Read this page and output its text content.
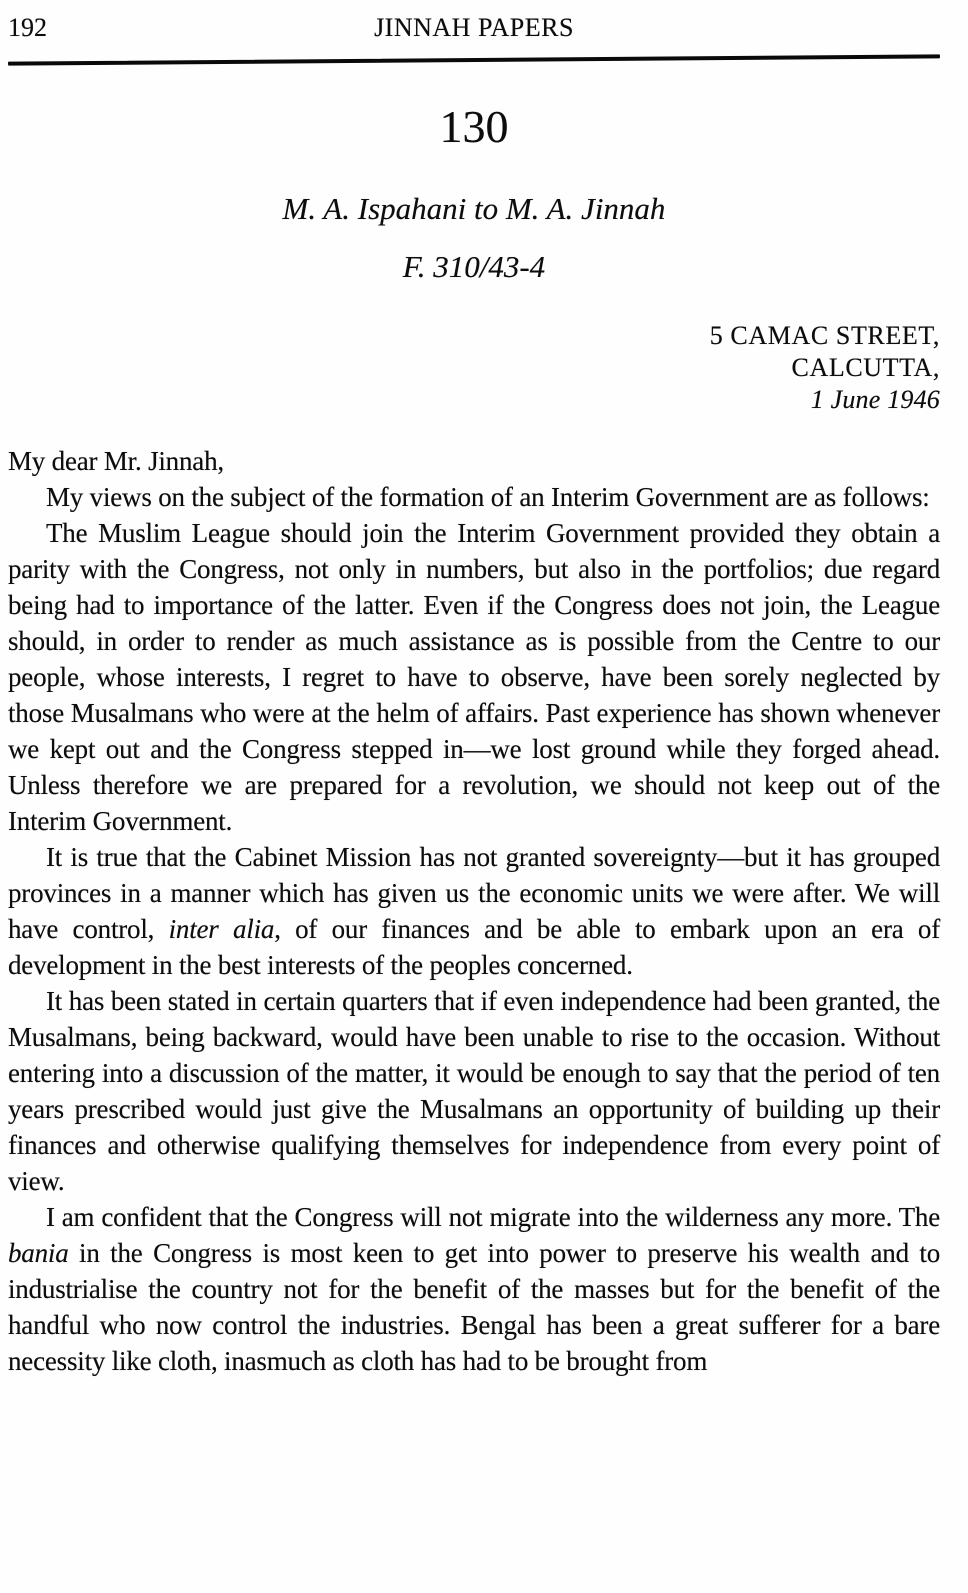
192	JINNAH PAPERS
130
M. A. Ispahani to M. A. Jinnah
F. 310/43-4
5 CAMAC STREET,
CALCUTTA,
1 June 1946

My dear Mr. Jinnah,

My views on the subject of the formation of an Interim Government are as follows:

The Muslim League should join the Interim Government provided they obtain a parity with the Congress, not only in numbers, but also in the portfolios; due regard being had to importance of the latter. Even if the Congress does not join, the League should, in order to render as much assistance as is possible from the Centre to our people, whose interests, I regret to have to observe, have been sorely neglected by those Musalmans who were at the helm of affairs. Past experience has shown whenever we kept out and the Congress stepped in—we lost ground while they forged ahead. Unless therefore we are prepared for a revolution, we should not keep out of the Interim Government.

It is true that the Cabinet Mission has not granted sovereignty—but it has grouped provinces in a manner which has given us the economic units we were after. We will have control, inter alia, of our finances and be able to embark upon an era of development in the best interests of the peoples concerned.

It has been stated in certain quarters that if even independence had been granted, the Musalmans, being backward, would have been unable to rise to the occasion. Without entering into a discussion of the matter, it would be enough to say that the period of ten years prescribed would just give the Musalmans an opportunity of building up their finances and otherwise qualifying themselves for independence from every point of view.

I am confident that the Congress will not migrate into the wilderness any more. The bania in the Congress is most keen to get into power to preserve his wealth and to industrialise the country not for the benefit of the masses but for the benefit of the handful who now control the industries. Bengal has been a great sufferer for a bare necessity like cloth, inasmuch as cloth has had to be brought from
